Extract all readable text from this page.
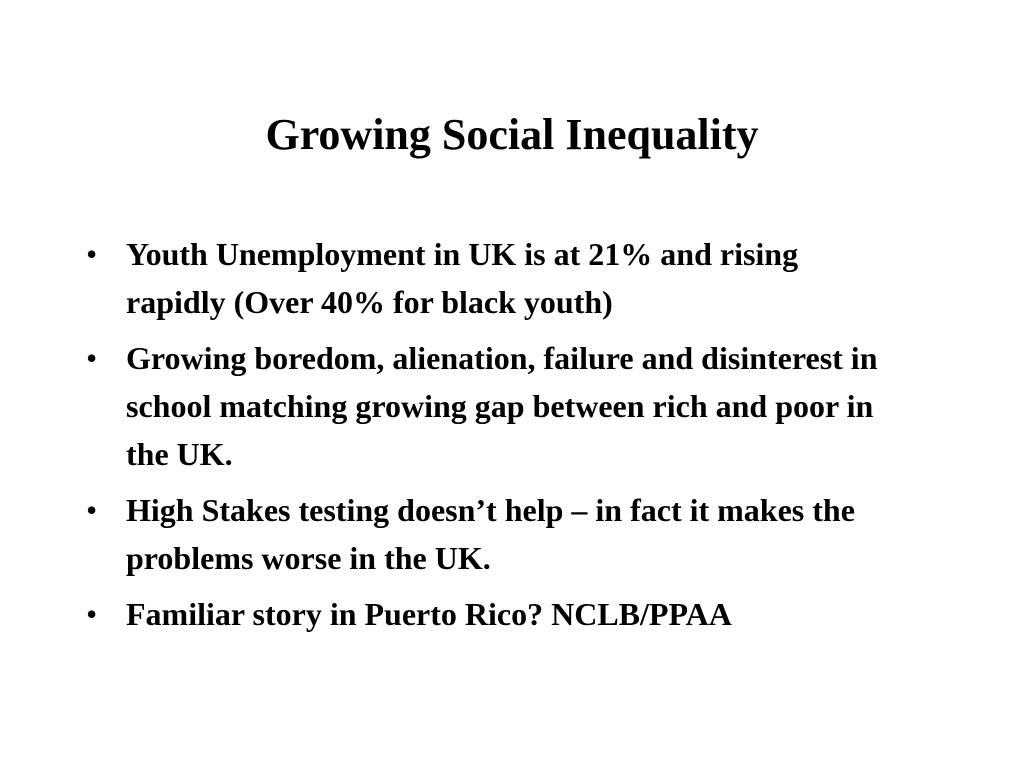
Growing Social Inequality
• Youth Unemployment in UK is at 21% and rising rapidly (Over 40% for black youth)
• Growing boredom, alienation, failure and disinterest in school matching growing gap between rich and poor in the UK.
• High Stakes testing doesn’t help – in fact it makes the problems worse in the UK.
• Familiar story in Puerto Rico? NCLB/PPAA
